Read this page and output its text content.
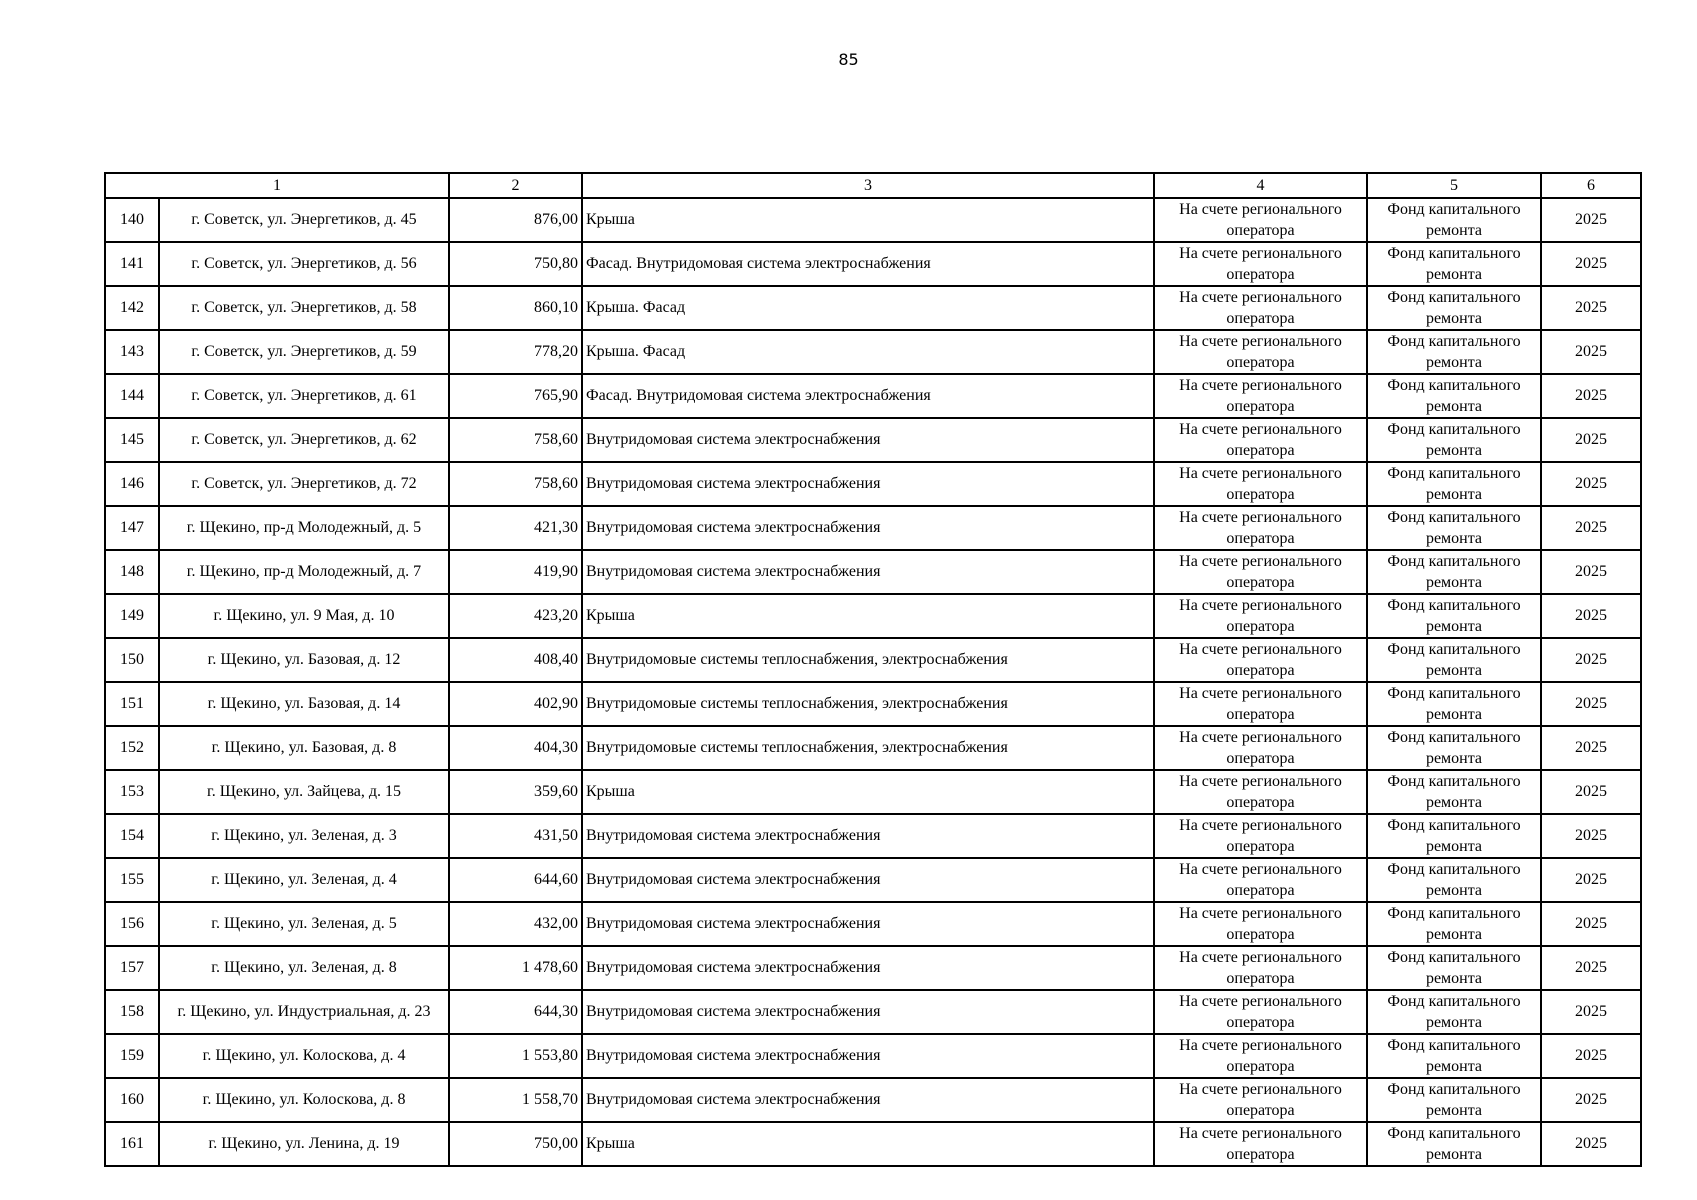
85
1		2	3	4	5	6
140	г. Советск, ул. Энергетиков, д. 45	876,00	Крыша	На счете регионального оператора	Фонд капитального ремонта	2025
141	г. Советск, ул. Энергетиков, д. 56	750,80	Фасад. Внутридомовая система электроснабжения	На счете регионального оператора	Фонд капитального ремонта	2025
142	г. Советск, ул. Энергетиков, д. 58	860,10	Крыша. Фасад	На счете регионального оператора	Фонд капитального ремонта	2025
143	г. Советск, ул. Энергетиков, д. 59	778,20	Крыша. Фасад	На счете регионального оператора	Фонд капитального ремонта	2025
144	г. Советск, ул. Энергетиков, д. 61	765,90	Фасад. Внутридомовая система электроснабжения	На счете регионального оператора	Фонд капитального ремонта	2025
145	г. Советск, ул. Энергетиков, д. 62	758,60	Внутридомовая система электроснабжения	На счете регионального оператора	Фонд капитального ремонта	2025
146	г. Советск, ул. Энергетиков, д. 72	758,60	Внутридомовая система электроснабжения	На счете регионального оператора	Фонд капитального ремонта	2025
147	г. Щекино, пр-д Молодежный, д. 5	421,30	Внутридомовая система электроснабжения	На счете регионального оператора	Фонд капитального ремонта	2025
148	г. Щекино, пр-д Молодежный, д. 7	419,90	Внутридомовая система электроснабжения	На счете регионального оператора	Фонд капитального ремонта	2025
149	г. Щекино, ул. 9 Мая, д. 10	423,20	Крыша	На счете регионального оператора	Фонд капитального ремонта	2025
150	г. Щекино, ул. Базовая, д. 12	408,40	Внутридомовые системы теплоснабжения, электроснабжения	На счете регионального оператора	Фонд капитального ремонта	2025
151	г. Щекино, ул. Базовая, д. 14	402,90	Внутридомовые системы теплоснабжения, электроснабжения	На счете регионального оператора	Фонд капитального ремонта	2025
152	г. Щекино, ул. Базовая, д. 8	404,30	Внутридомовые системы теплоснабжения, электроснабжения	На счете регионального оператора	Фонд капитального ремонта	2025
153	г. Щекино, ул. Зайцева, д. 15	359,60	Крыша	На счете регионального оператора	Фонд капитального ремонта	2025
154	г. Щекино, ул. Зеленая, д. 3	431,50	Внутридомовая система электроснабжения	На счете регионального оператора	Фонд капитального ремонта	2025
155	г. Щекино, ул. Зеленая, д. 4	644,60	Внутридомовая система электроснабжения	На счете регионального оператора	Фонд капитального ремонта	2025
156	г. Щекино, ул. Зеленая, д. 5	432,00	Внутридомовая система электроснабжения	На счете регионального оператора	Фонд капитального ремонта	2025
157	г. Щекино, ул. Зеленая, д. 8	1 478,60	Внутридомовая система электроснабжения	На счете регионального оператора	Фонд капитального ремонта	2025
158	г. Щекино, ул. Индустриальная, д. 23	644,30	Внутридомовая система электроснабжения	На счете регионального оператора	Фонд капитального ремонта	2025
159	г. Щекино, ул. Колоскова, д. 4	1 553,80	Внутридомовая система электроснабжения	На счете регионального оператора	Фонд капитального ремонта	2025
160	г. Щекино, ул. Колоскова, д. 8	1 558,70	Внутридомовая система электроснабжения	На счете регионального оператора	Фонд капитального ремонта	2025
161	г. Щекино, ул. Ленина, д. 19	750,00	Крыша	На счете регионального оператора	Фонд капитального ремонта	2025
